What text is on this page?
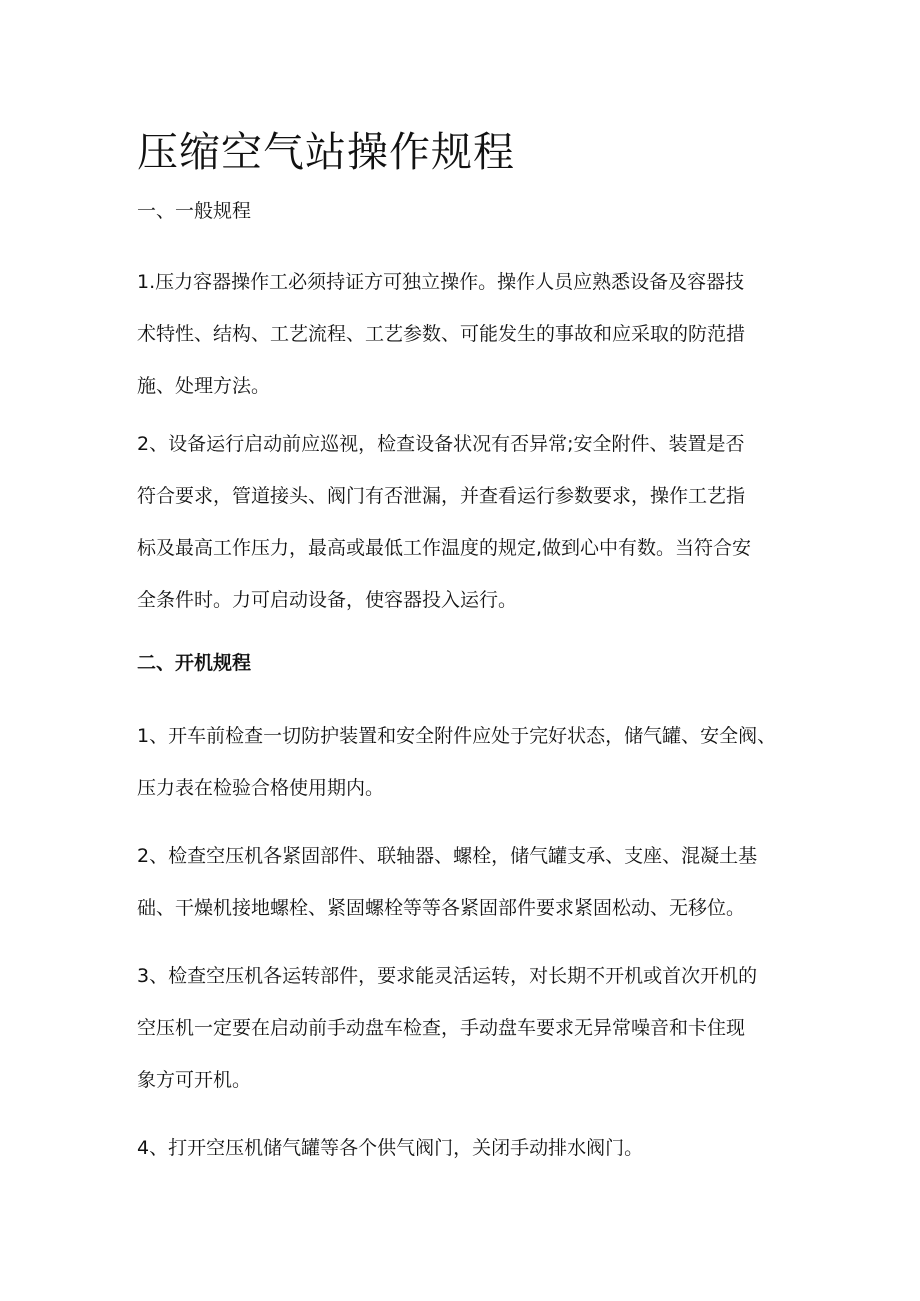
压缩空气站操作规程
一、一般规程
1.压力容器操作工必须持证方可独立操作。操作人员应熟悉设备及容器技
术特性、结构、工艺流程、工艺参数、可能发生的事故和应采取的防范措
施、处理方法。
2、设备运行启动前应巡视，检查设备状况有否异常;安全附件、装置是否
符合要求，管道接头、阀门有否泄漏，并查看运行参数要求，操作工艺指
标及最高工作压力，最高或最低工作温度的规定,做到心中有数。当符合安
全条件时。力可启动设备，使容器投入运行。
二、开机规程
1、开车前检查一切防护装置和安全附件应处于完好状态，储气罐、安全阀、
压力表在检验合格使用期内。
2、检查空压机各紧固部件、联轴器、螺栓，储气罐支承、支座、混凝土基
础、干燥机接地螺栓、紧固螺栓等等各紧固部件要求紧固松动、无移位。
3、检查空压机各运转部件，要求能灵活运转，对长期不开机或首次开机的
空压机一定要在启动前手动盘车检查，手动盘车要求无异常噪音和卡住现
象方可开机。
4、打开空压机储气罐等各个供气阀门，关闭手动排水阀门。
